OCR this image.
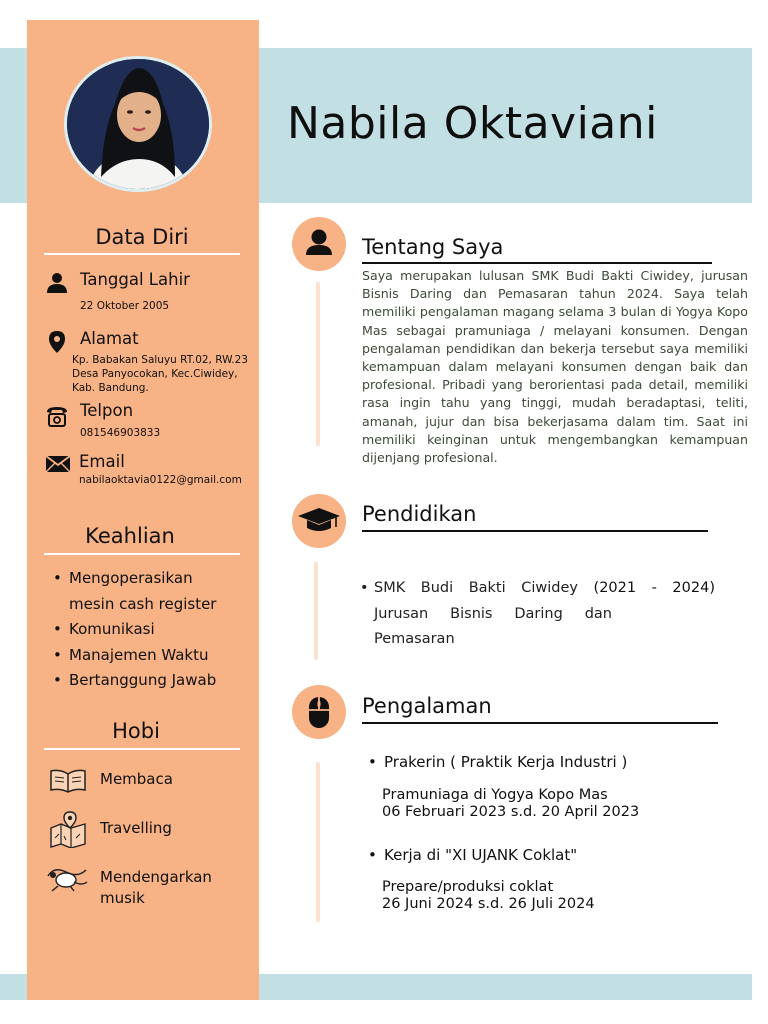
Nabila Oktaviani
Data Diri
Tanggal Lahir
22 Oktober 2005
Alamat
Kp. Babakan Saluyu RT.02, RW.23
Desa Panyocokan, Kec.Ciwidey,
Kab. Bandung.
Telpon
081546903833
Email
nabilaoktavia0122@gmail.com
Keahlian
• Mengoperasikan
mesin cash register
• Komunikasi
• Manajemen Waktu
• Bertanggung Jawab
Hobi
Membaca
Travelling
Mendengarkan
musik
Tentang Saya
Saya merupakan lulusan SMK Budi Bakti Ciwidey, jurusan Bisnis Daring dan Pemasaran tahun 2024. Saya telah memiliki pengalaman magang selama 3 bulan di Yogya Kopo Mas sebagai pramuniaga / melayani konsumen. Dengan pengalaman pendidikan dan bekerja tersebut saya memiliki kemampuan dalam melayani konsumen dengan baik dan profesional. Pribadi yang berorientasi pada detail, memiliki rasa ingin tahu yang tinggi, mudah beradaptasi, teliti, amanah, jujur dan bisa bekerjasama dalam tim. Saat ini memiliki keinginan untuk mengembangkan kemampuan dijenjang profesional.
Pendidikan
• SMK Budi Bakti Ciwidey (2021 - 2024)
Jurusan Bisnis Daring dan
Pemasaran
Pengalaman
• Prakerin ( Praktik Kerja Industri )
Pramuniaga di Yogya Kopo Mas
06 Februari 2023 s.d. 20 April 2023
• Kerja di "XI UJANK Coklat"
Prepare/produksi coklat
26 Juni 2024 s.d. 26 Juli 2024
